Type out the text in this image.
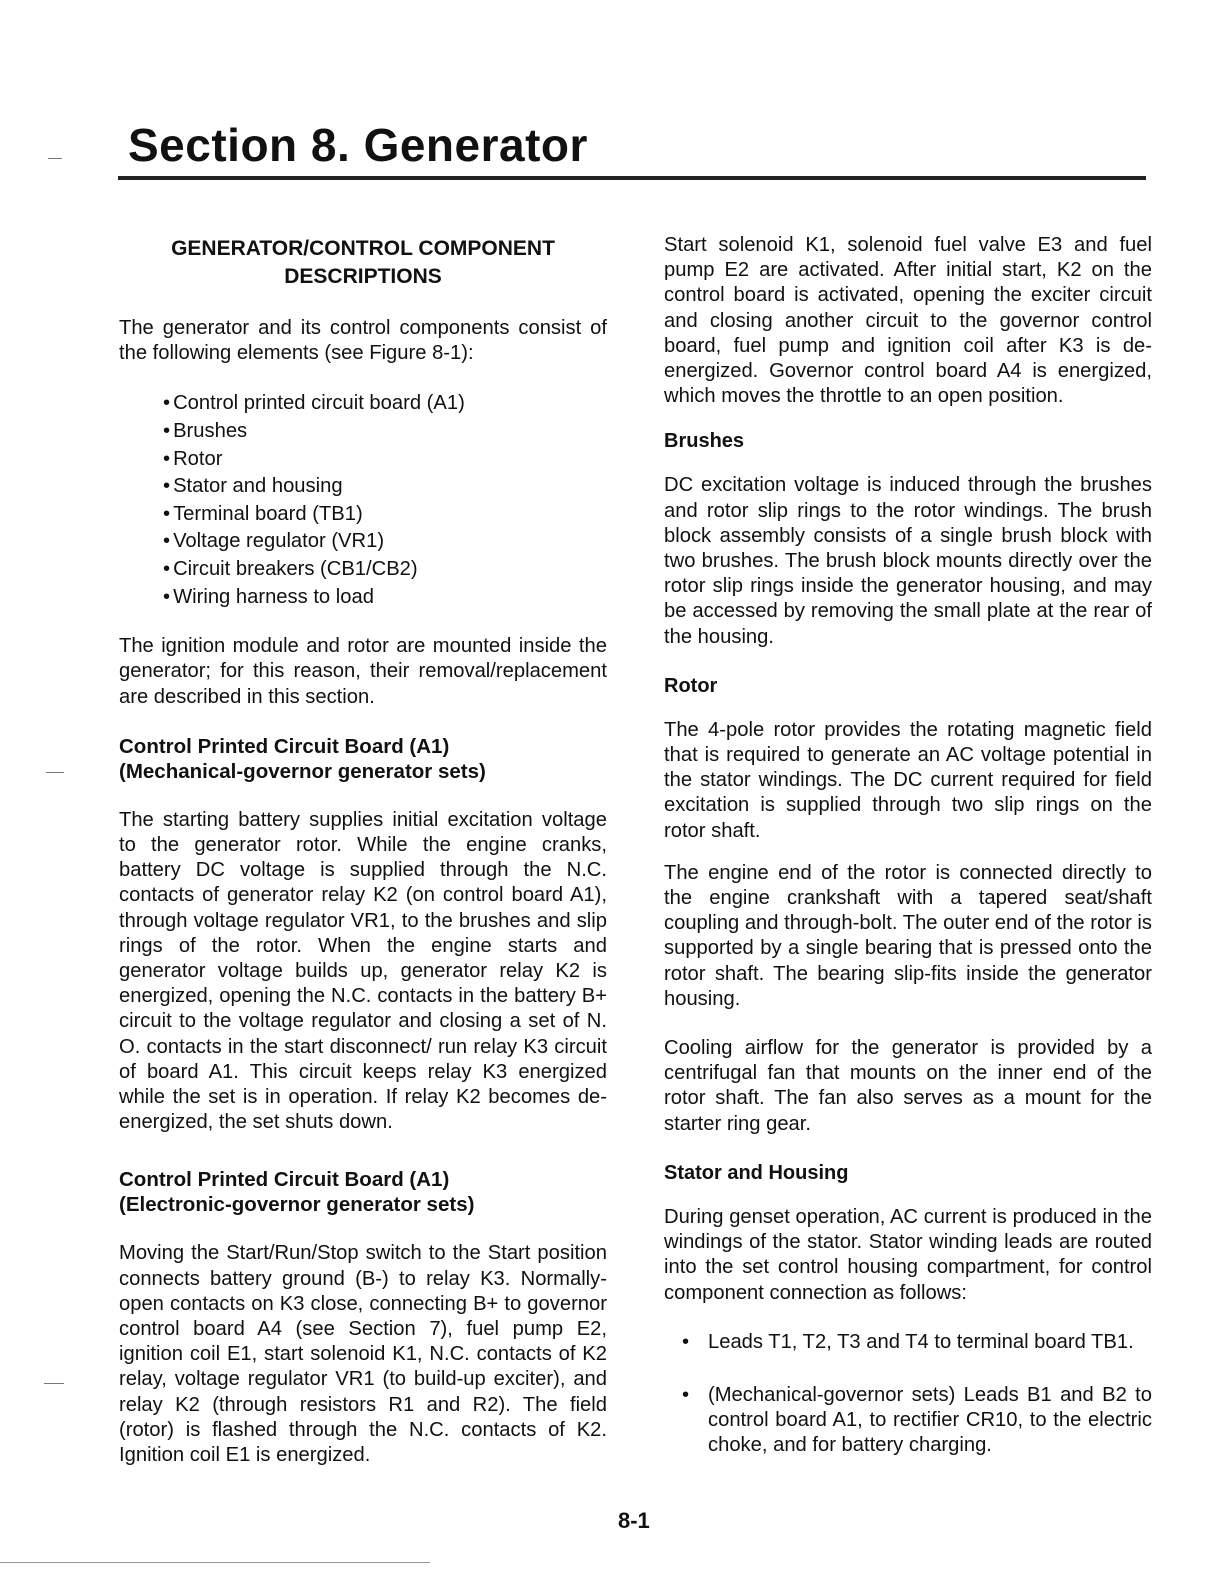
Section 8. Generator
GENERATOR/CONTROL COMPONENT
DESCRIPTIONS

The generator and its control components consist of the following elements (see Figure 8-1):

• Control printed circuit board (A1)
• Brushes
• Rotor
• Stator and housing
• Terminal board (TB1)
• Voltage regulator (VR1)
• Circuit breakers (CB1/CB2)
• Wiring harness to load

The ignition module and rotor are mounted inside the generator; for this reason, their removal/replacement are described in this section.

Control Printed Circuit Board (A1)
(Mechanical-governor generator sets)

The starting battery supplies initial excitation voltage to the generator rotor. While the engine cranks, battery DC voltage is supplied through the N.C. contacts of generator relay K2 (on control board A1), through voltage regulator VR1, to the brushes and slip rings of the rotor. When the engine starts and generator voltage builds up, generator relay K2 is energized, opening the N.C. contacts in the battery B+ circuit to the voltage regulator and closing a set of N. O. contacts in the start disconnect/ run relay K3 circuit of board A1. This circuit keeps relay K3 energized while the set is in operation. If relay K2 becomes de-energized, the set shuts down.

Control Printed Circuit Board (A1)
(Electronic-governor generator sets)

Moving the Start/Run/Stop switch to the Start position connects battery ground (B-) to relay K3. Normally-open contacts on K3 close, connecting B+ to governor control board A4 (see Section 7), fuel pump E2, ignition coil E1, start solenoid K1, N.C. contacts of K2 relay, voltage regulator VR1 (to build-up exciter), and relay K2 (through resistors R1 and R2). The field (rotor) is flashed through the N.C. contacts of K2. Ignition coil E1 is energized.

Start solenoid K1, solenoid fuel valve E3 and fuel pump E2 are activated. After initial start, K2 on the control board is activated, opening the exciter circuit and closing another circuit to the governor control board, fuel pump and ignition coil after K3 is de-energized. Governor control board A4 is energized, which moves the throttle to an open position.

Brushes

DC excitation voltage is induced through the brushes and rotor slip rings to the rotor windings. The brush block assembly consists of a single brush block with two brushes. The brush block mounts directly over the rotor slip rings inside the generator housing, and may be accessed by removing the small plate at the rear of the housing.

Rotor

The 4-pole rotor provides the rotating magnetic field that is required to generate an AC voltage potential in the stator windings. The DC current required for field excitation is supplied through two slip rings on the rotor shaft.

The engine end of the rotor is connected directly to the engine crankshaft with a tapered seat/shaft coupling and through-bolt. The outer end of the rotor is supported by a single bearing that is pressed onto the rotor shaft. The bearing slip-fits inside the generator housing.

Cooling airflow for the generator is provided by a centrifugal fan that mounts on the inner end of the rotor shaft. The fan also serves as a mount for the starter ring gear.

Stator and Housing

During genset operation, AC current is produced in the windings of the stator. Stator winding leads are routed into the set control housing compartment, for control component connection as follows:

• Leads T1, T2, T3 and T4 to terminal board TB1.
• (Mechanical-governor sets) Leads B1 and B2 to control board A1, to rectifier CR10, to the electric choke, and for battery charging.
8-1
